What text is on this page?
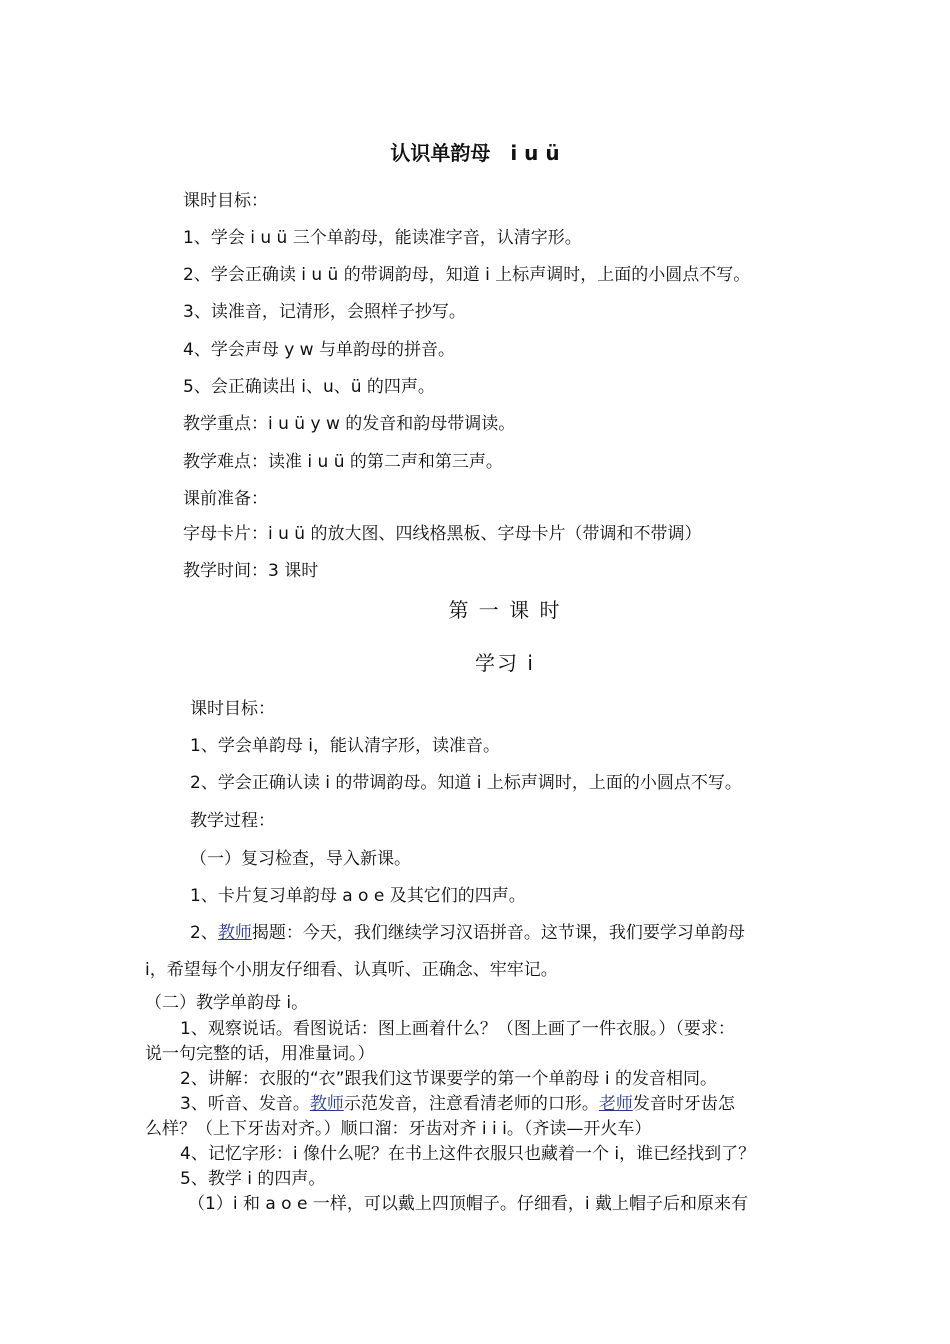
认识单韵母　i u ü
课时目标：
1、学会 i u ü 三个单韵母，能读准字音，认清字形。
2、学会正确读 i u ü 的带调韵母，知道 i 上标声调时，上面的小圆点不写。
3、读准音，记清形，会照样子抄写。
4、学会声母 y w 与单韵母的拼音。
5、会正确读出 i、u、ü 的四声。
教学重点：i u ü y w 的发音和韵母带调读。
教学难点：读准 i u ü 的第二声和第三声。
课前准备：
字母卡片：i u ü 的放大图、四线格黑板、字母卡片（带调和不带调）
教学时间：3 课时
第 一 课 时
学习 i
课时目标：
1、学会单韵母 i，能认清字形，读准音。
2、学会正确认读 i 的带调韵母。知道 i 上标声调时，上面的小圆点不写。
教学过程：
（一）复习检查，导入新课。
1、卡片复习单韵母 a o e 及其它们的四声。
2、教师揭题：今天，我们继续学习汉语拼音。这节课，我们要学习单韵母
i，希望每个小朋友仔细看、认真听、正确念、牢牢记。
（二）教学单韵母 i。
1、观察说话。看图说话：图上画着什么？（图上画了一件衣服。）（要求：
说一句完整的话，用准量词。）
2、讲解：衣服的“衣”跟我们这节课要学的第一个单韵母 i 的发音相同。
3、听音、发音。教师示范发音，注意看清老师的口形。老师发音时牙齿怎
么样？（上下牙齿对齐。）顺口溜：牙齿对齐 i i i。（齐读—开火车）
4、记忆字形：i 像什么呢？在书上这件衣服只也藏着一个 i，谁已经找到了？
5、教学 i 的四声。
（1）i 和 a o e 一样，可以戴上四顶帽子。仔细看，i 戴上帽子后和原来有
